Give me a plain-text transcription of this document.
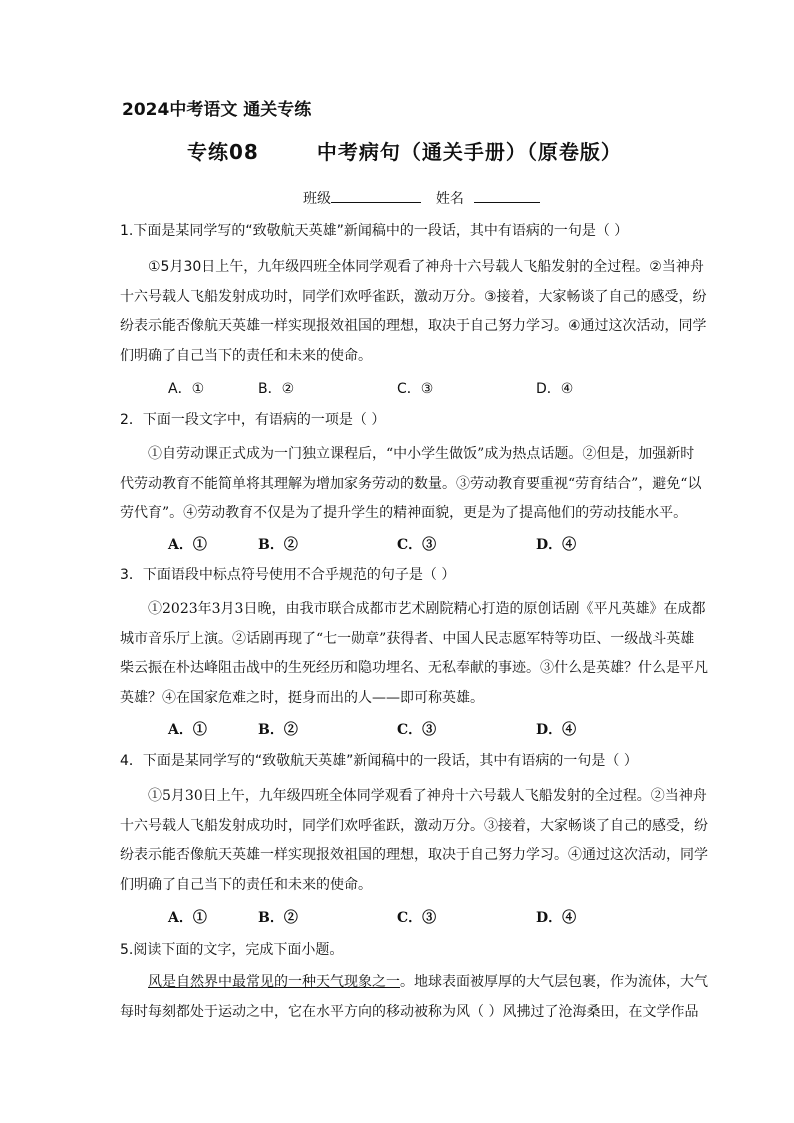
2024中考语文 通关专练
专练08	中考病句（通关手册）（原卷版）
班级	姓名
1.下面是某同学写的“致敬航天英雄”新闻稿中的一段话，其中有语病的一句是（ ）
①5月30日上午，九年级四班全体同学观看了神舟十六号载人飞船发射的全过程。②当神舟
十六号载人飞船发射成功时，同学们欢呼雀跃，激动万分。③接着，大家畅谈了自己的感受，纷
纷表示能否像航天英雄一样实现报效祖国的理想，取决于自己努力学习。④通过这次活动，同学
们明确了自己当下的责任和未来的使命。
A．①	B．②	C．③	D．④
2．下面一段文字中，有语病的一项是（ ）
①自劳动课正式成为一门独立课程后，“中小学生做饭”成为热点话题。②但是，加强新时
代劳动教育不能简单将其理解为增加家务劳动的数量。③劳动教育要重视“劳育结合”，避免“以
劳代育”。④劳动教育不仅是为了提升学生的精神面貌，更是为了提高他们的劳动技能水平。
A．①	B．②	C．③	D．④
3．下面语段中标点符号使用不合乎规范的句子是（ ）
①2023年3月3日晚，由我市联合成都市艺术剧院精心打造的原创话剧《平凡英雄》在成都
城市音乐厅上演。②话剧再现了“七一勋章”获得者、中国人民志愿军特等功臣、一级战斗英雄
柴云振在朴达峰阻击战中的生死经历和隐功埋名、无私奉献的事迹。③什么是英雄？什么是平凡
英雄？④在国家危难之时，挺身而出的人——即可称英雄。
A．①	B．②	C．③	D．④
4．下面是某同学写的“致敬航天英雄”新闻稿中的一段话，其中有语病的一句是（ ）
①5月30日上午，九年级四班全体同学观看了神舟十六号载人飞船发射的全过程。②当神舟
十六号载人飞船发射成功时，同学们欢呼雀跃，激动万分。③接着，大家畅谈了自己的感受，纷
纷表示能否像航天英雄一样实现报效祖国的理想，取决于自己努力学习。④通过这次活动，同学
们明确了自己当下的责任和未来的使命。
A．①	B．②	C．③	D．④
5.阅读下面的文字，完成下面小题。
风是自然界中最常见的一种天气现象之一。地球表面被厚厚的大气层包裹，作为流体，大气
每时每刻都处于运动之中，它在水平方向的移动被称为风（ ）风拂过了沧海桑田，在文学作品
